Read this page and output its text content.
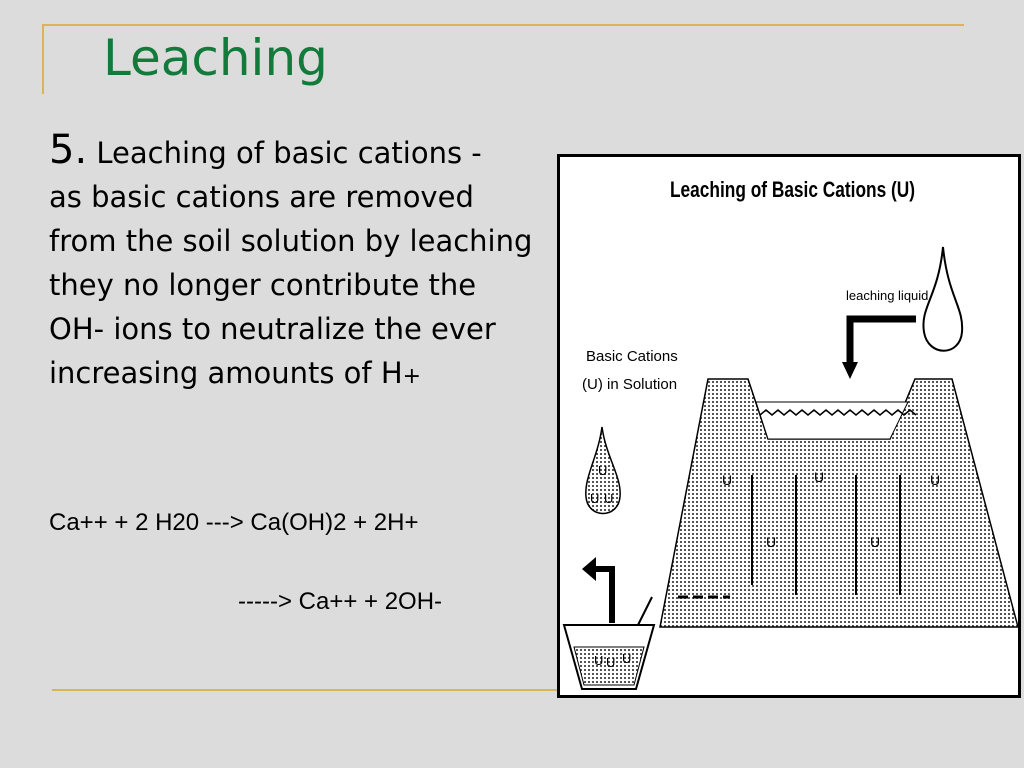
Leaching
5. Leaching of basic cations -
as basic cations are removed from the soil solution by leaching they no longer contribute the OH- ions to neutralize the ever increasing amounts of H+
Ca++ + 2 H20 ---> Ca(OH)2 + 2H+
-----> Ca++ + 2OH-
Leaching of Basic Cations (U)
leaching liquid
Basic Cations
(U) in Solution
U	U	U
U	U
U
U U
U U U
